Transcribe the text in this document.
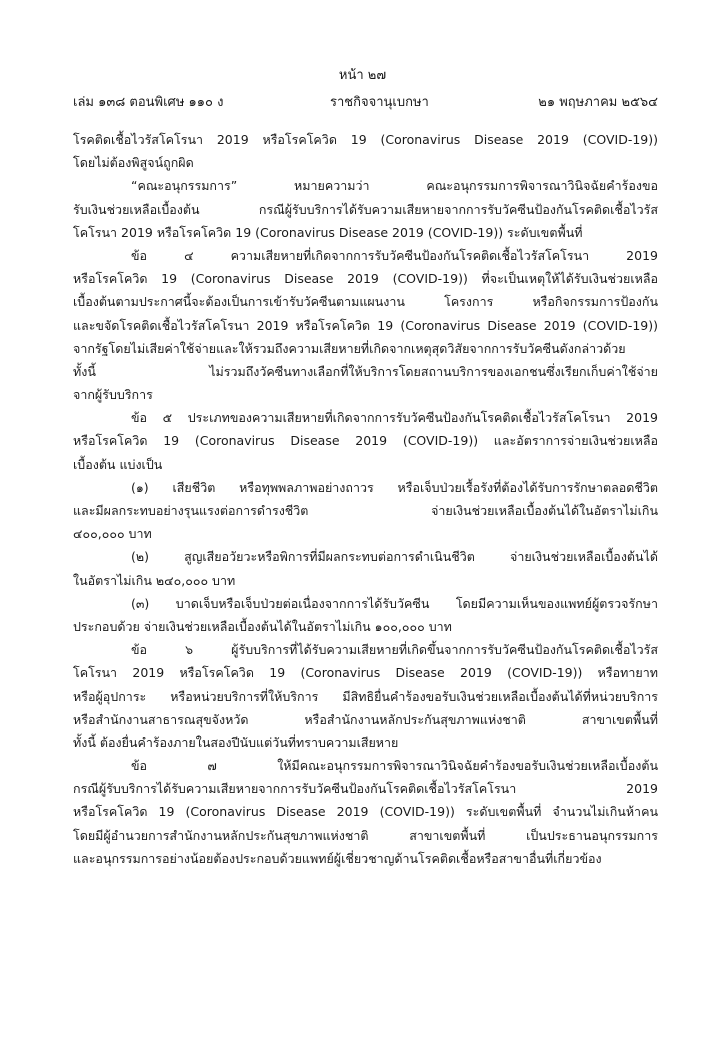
หน้า ๒๗
เล่ม ๑๓๘ ตอนพิเศษ ๑๑๐ ง	ราชกิจจานุเบกษา	๒๑ พฤษภาคม ๒๕๖๔
โรคติดเชื้อไวรัสโคโรนา 2019 หรือโรคโควิด 19 (Coronavirus Disease 2019 (COVID-19))
โดยไม่ต้องพิสูจน์ถูกผิด
“คณะอนุกรรมการ” หมายความว่า คณะอนุกรรมการพิจารณาวินิจฉัยคำร้องขอ
รับเงินช่วยเหลือเบื้องต้น กรณีผู้รับบริการได้รับความเสียหายจากการรับวัคซีนป้องกันโรคติดเชื้อไวรัส
โคโรนา 2019 หรือโรคโควิด 19 (Coronavirus Disease 2019 (COVID-19)) ระดับเขตพื้นที่
ข้อ ๔ ความเสียหายที่เกิดจากการรับวัคซีนป้องกันโรคติดเชื้อไวรัสโคโรนา 2019
หรือโรคโควิด 19 (Coronavirus Disease 2019 (COVID-19)) ที่จะเป็นเหตุให้ได้รับเงินช่วยเหลือ
เบื้องต้นตามประกาศนี้จะต้องเป็นการเข้ารับวัคซีนตามแผนงาน โครงการ หรือกิจกรรมการป้องกัน
และขจัดโรคติดเชื้อไวรัสโคโรนา 2019 หรือโรคโควิด 19 (Coronavirus Disease 2019 (COVID-19))
จากรัฐโดยไม่เสียค่าใช้จ่ายและให้รวมถึงความเสียหายที่เกิดจากเหตุสุดวิสัยจากการรับวัคซีนดังกล่าวด้วย
ทั้งนี้ ไม่รวมถึงวัคซีนทางเลือกที่ให้บริการโดยสถานบริการของเอกชนซึ่งเรียกเก็บค่าใช้จ่าย
จากผู้รับบริการ
ข้อ ๕ ประเภทของความเสียหายที่เกิดจากการรับวัคซีนป้องกันโรคติดเชื้อไวรัสโคโรนา 2019
หรือโรคโควิด 19 (Coronavirus Disease 2019 (COVID-19)) และอัตราการจ่ายเงินช่วยเหลือ
เบื้องต้น แบ่งเป็น
(๑) เสียชีวิต หรือทุพพลภาพอย่างถาวร หรือเจ็บป่วยเรื้อรังที่ต้องได้รับการรักษาตลอดชีวิต
และมีผลกระทบอย่างรุนแรงต่อการดำรงชีวิต จ่ายเงินช่วยเหลือเบื้องต้นได้ในอัตราไม่เกิน
๔๐๐,๐๐๐ บาท
(๒) สูญเสียอวัยวะหรือพิการที่มีผลกระทบต่อการดำเนินชีวิต จ่ายเงินช่วยเหลือเบื้องต้นได้
ในอัตราไม่เกิน ๒๔๐,๐๐๐ บาท
(๓) บาดเจ็บหรือเจ็บป่วยต่อเนื่องจากการได้รับวัคซีน โดยมีความเห็นของแพทย์ผู้ตรวจรักษา
ประกอบด้วย จ่ายเงินช่วยเหลือเบื้องต้นได้ในอัตราไม่เกิน ๑๐๐,๐๐๐ บาท
ข้อ ๖ ผู้รับบริการที่ได้รับความเสียหายที่เกิดขึ้นจากการรับวัคซีนป้องกันโรคติดเชื้อไวรัส
โคโรนา 2019 หรือโรคโควิด 19 (Coronavirus Disease 2019 (COVID-19)) หรือทายาท
หรือผู้อุปการะ หรือหน่วยบริการที่ให้บริการ มีสิทธิยื่นคำร้องขอรับเงินช่วยเหลือเบื้องต้นได้ที่หน่วยบริการ
หรือสำนักงานสาธารณสุขจังหวัด หรือสำนักงานหลักประกันสุขภาพแห่งชาติ สาขาเขตพื้นที่
ทั้งนี้ ต้องยื่นคำร้องภายในสองปีนับแต่วันที่ทราบความเสียหาย
ข้อ ๗ ให้มีคณะอนุกรรมการพิจารณาวินิจฉัยคำร้องขอรับเงินช่วยเหลือเบื้องต้น
กรณีผู้รับบริการได้รับความเสียหายจากการรับวัคซีนป้องกันโรคติดเชื้อไวรัสโคโรนา 2019
หรือโรคโควิด 19 (Coronavirus Disease 2019 (COVID-19)) ระดับเขตพื้นที่ จำนวนไม่เกินห้าคน
โดยมีผู้อำนวยการสำนักงานหลักประกันสุขภาพแห่งชาติ สาขาเขตพื้นที่ เป็นประธานอนุกรรมการ
และอนุกรรมการอย่างน้อยต้องประกอบด้วยแพทย์ผู้เชี่ยวชาญด้านโรคติดเชื้อหรือสาขาอื่นที่เกี่ยวข้อง
